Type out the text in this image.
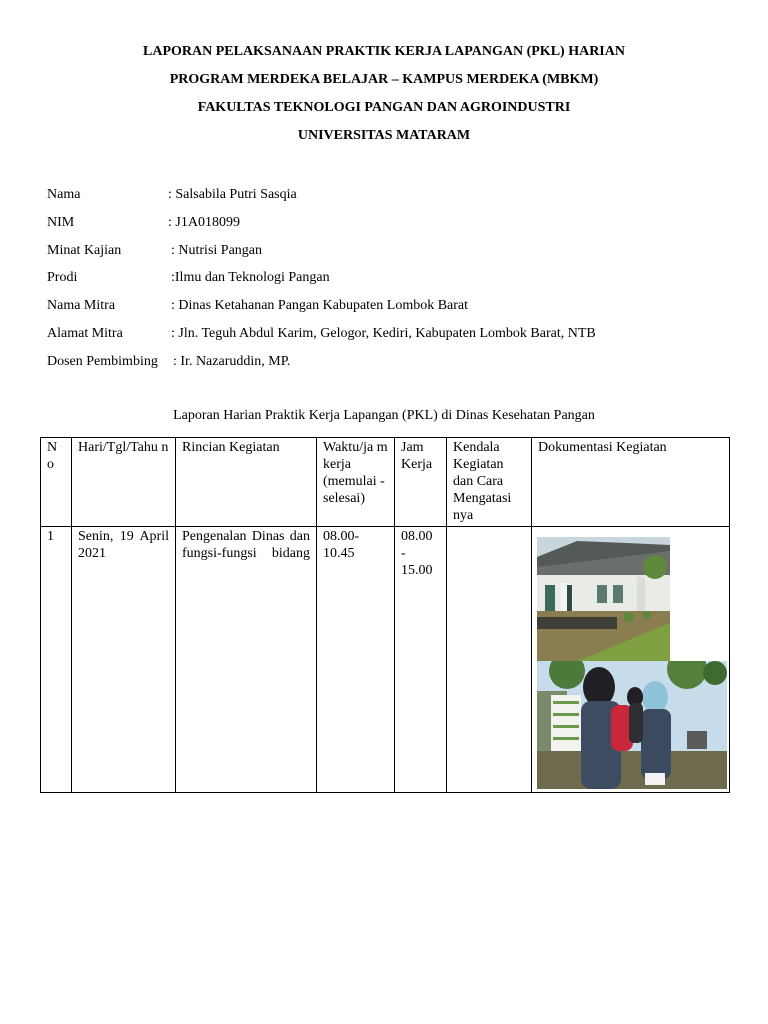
LAPORAN PELAKSANAAN PRAKTIK KERJA LAPANGAN (PKL) HARIAN
PROGRAM MERDEKA BELAJAR – KAMPUS MERDEKA (MBKM)
FAKULTAS TEKNOLOGI PANGAN DAN AGROINDUSTRI
UNIVERSITAS MATARAM
Nama	: Salsabila Putri Sasqia
NIM	: J1A018099
Minat Kajian	: Nutrisi Pangan
Prodi	:Ilmu dan Teknologi Pangan
Nama Mitra	: Dinas Ketahanan Pangan Kabupaten Lombok Barat
Alamat Mitra	: Jln. Teguh Abdul Karim, Gelogor, Kediri, Kabupaten Lombok Barat, NTB
Dosen Pembimbing : Ir. Nazaruddin, MP.
Laporan Harian Praktik Kerja Lapangan (PKL) di Dinas Kesehatan Pangan
N o	Hari/Tgl/Tahu n	Rincian Kegiatan	Waktu/ja m kerja (memulai -selesai)	Jam Kerja	Kendala Kegiatan dan Cara Mengatasi nya	Dokumentasi Kegiatan
1	Senin, 19 April 2021	Pengenalan Dinas dan fungsi-fungsi bidang	08.00- 10.45	08.00 - 15.00		
